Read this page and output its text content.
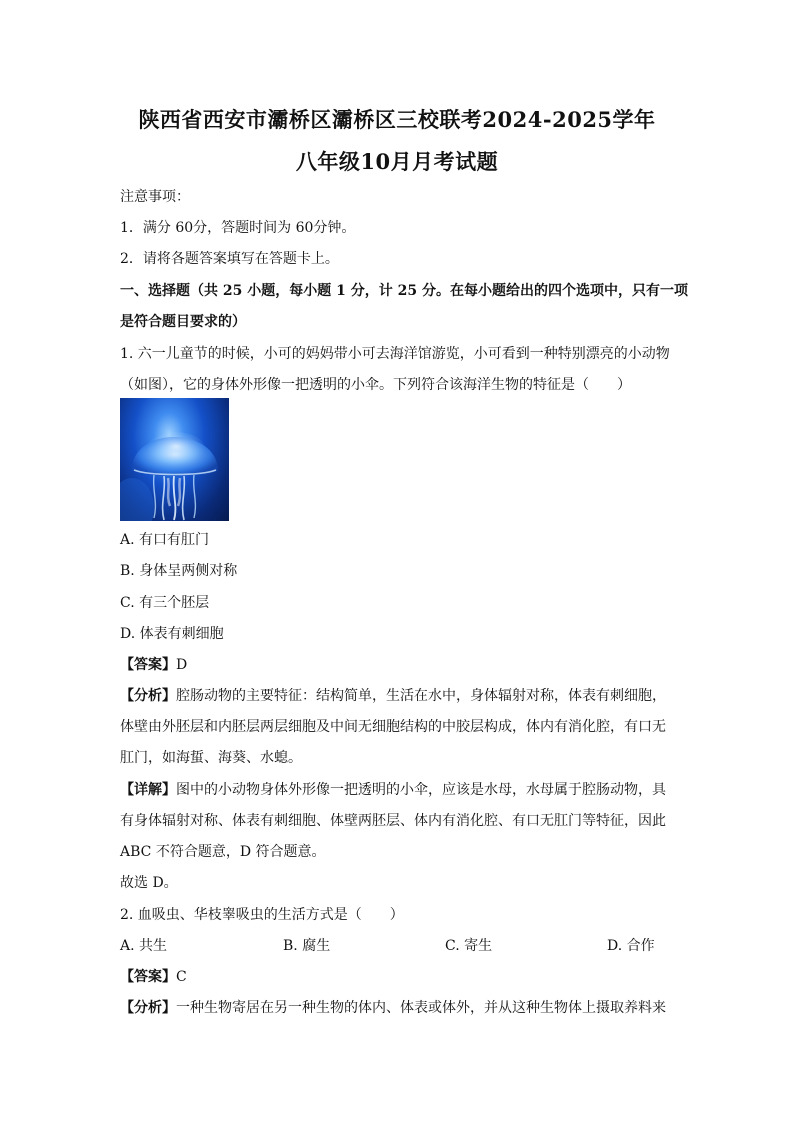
陕西省西安市灞桥区灞桥区三校联考2024-2025学年
八年级10月月考试题
注意事项：
1．满分 60分，答题时间为 60分钟。
2．请将各题答案填写在答题卡上。
一、选择题（共 25 小题，每小题 1 分，计 25 分。在每小题给出的四个选项中，只有一项
是符合题目要求的）
1. 六一儿童节的时候，小可的妈妈带小可去海洋馆游览，小可看到一种特别漂亮的小动物
（如图），它的身体外形像一把透明的小伞。下列符合该海洋生物的特征是（　　）
A. 有口有肛门
B. 身体呈两侧对称
C. 有三个胚层
D. 体表有刺细胞
【答案】D
【分析】腔肠动物的主要特征：结构简单，生活在水中，身体辐射对称，体表有刺细胞，
体壁由外胚层和内胚层两层细胞及中间无细胞结构的中胶层构成，体内有消化腔，有口无
肛门，如海蜇、海葵、水螅。
【详解】图中的小动物身体外形像一把透明的小伞，应该是水母，水母属于腔肠动物，具
有身体辐射对称、体表有刺细胞、体壁两胚层、体内有消化腔、有口无肛门等特征，因此
ABC 不符合题意，D 符合题意。
故选 D。
2. 血吸虫、华枝睾吸虫的生活方式是（　　）
A. 共生	B. 腐生	C. 寄生	D. 合作
【答案】C
【分析】一种生物寄居在另一种生物的体内、体表或体外，并从这种生物体上摄取养料来
